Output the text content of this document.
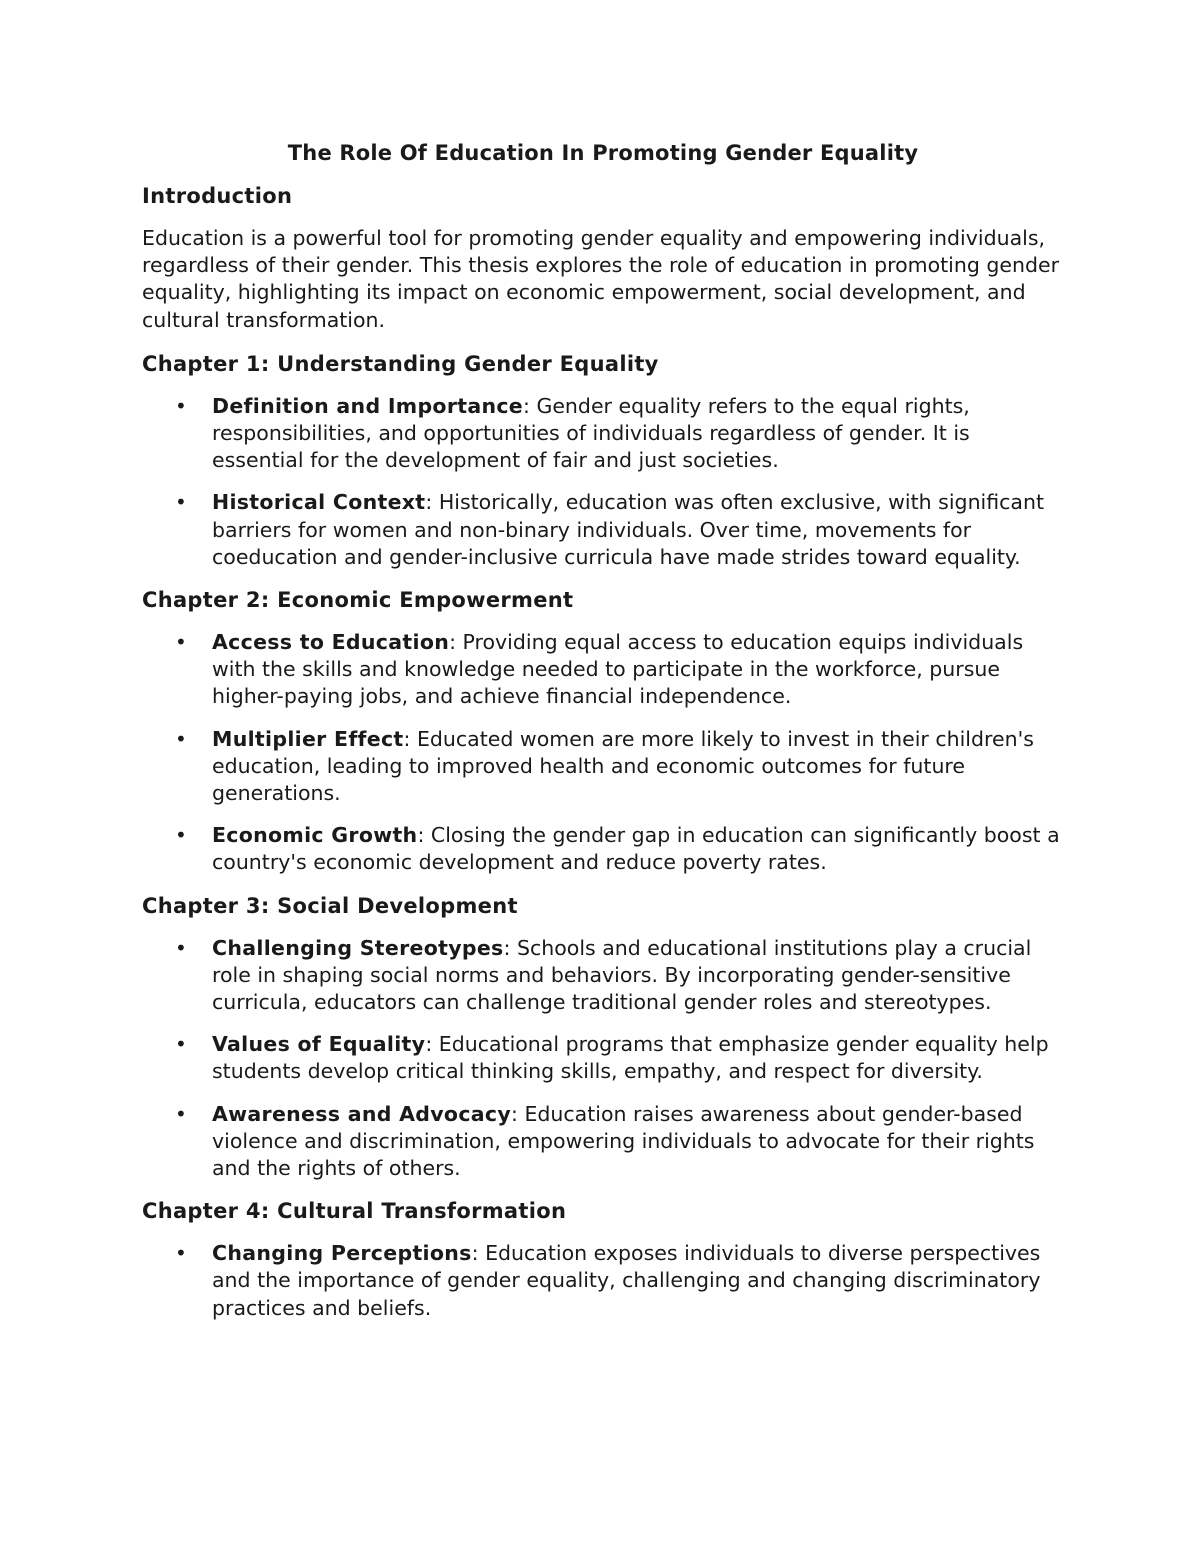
The Role Of Education In Promoting Gender Equality
Introduction

Education is a powerful tool for promoting gender equality and empowering individuals, regardless of their gender. This thesis explores the role of education in promoting gender equality, highlighting its impact on economic empowerment, social development, and cultural transformation.

Chapter 1: Understanding Gender Equality
• Definition and Importance: Gender equality refers to the equal rights, responsibilities, and opportunities of individuals regardless of gender. It is essential for the development of fair and just societies.
• Historical Context: Historically, education was often exclusive, with significant barriers for women and non-binary individuals. Over time, movements for coeducation and gender-inclusive curricula have made strides toward equality.
Chapter 2: Economic Empowerment
• Access to Education: Providing equal access to education equips individuals with the skills and knowledge needed to participate in the workforce, pursue higher-paying jobs, and achieve financial independence.
• Multiplier Effect: Educated women are more likely to invest in their children's education, leading to improved health and economic outcomes for future generations.
• Economic Growth: Closing the gender gap in education can significantly boost a country's economic development and reduce poverty rates.
Chapter 3: Social Development
• Challenging Stereotypes: Schools and educational institutions play a crucial role in shaping social norms and behaviors. By incorporating gender-sensitive curricula, educators can challenge traditional gender roles and stereotypes.
• Values of Equality: Educational programs that emphasize gender equality help students develop critical thinking skills, empathy, and respect for diversity.
• Awareness and Advocacy: Education raises awareness about gender-based violence and discrimination, empowering individuals to advocate for their rights and the rights of others.
Chapter 4: Cultural Transformation
• Changing Perceptions: Education exposes individuals to diverse perspectives and the importance of gender equality, challenging and changing discriminatory practices and beliefs.
